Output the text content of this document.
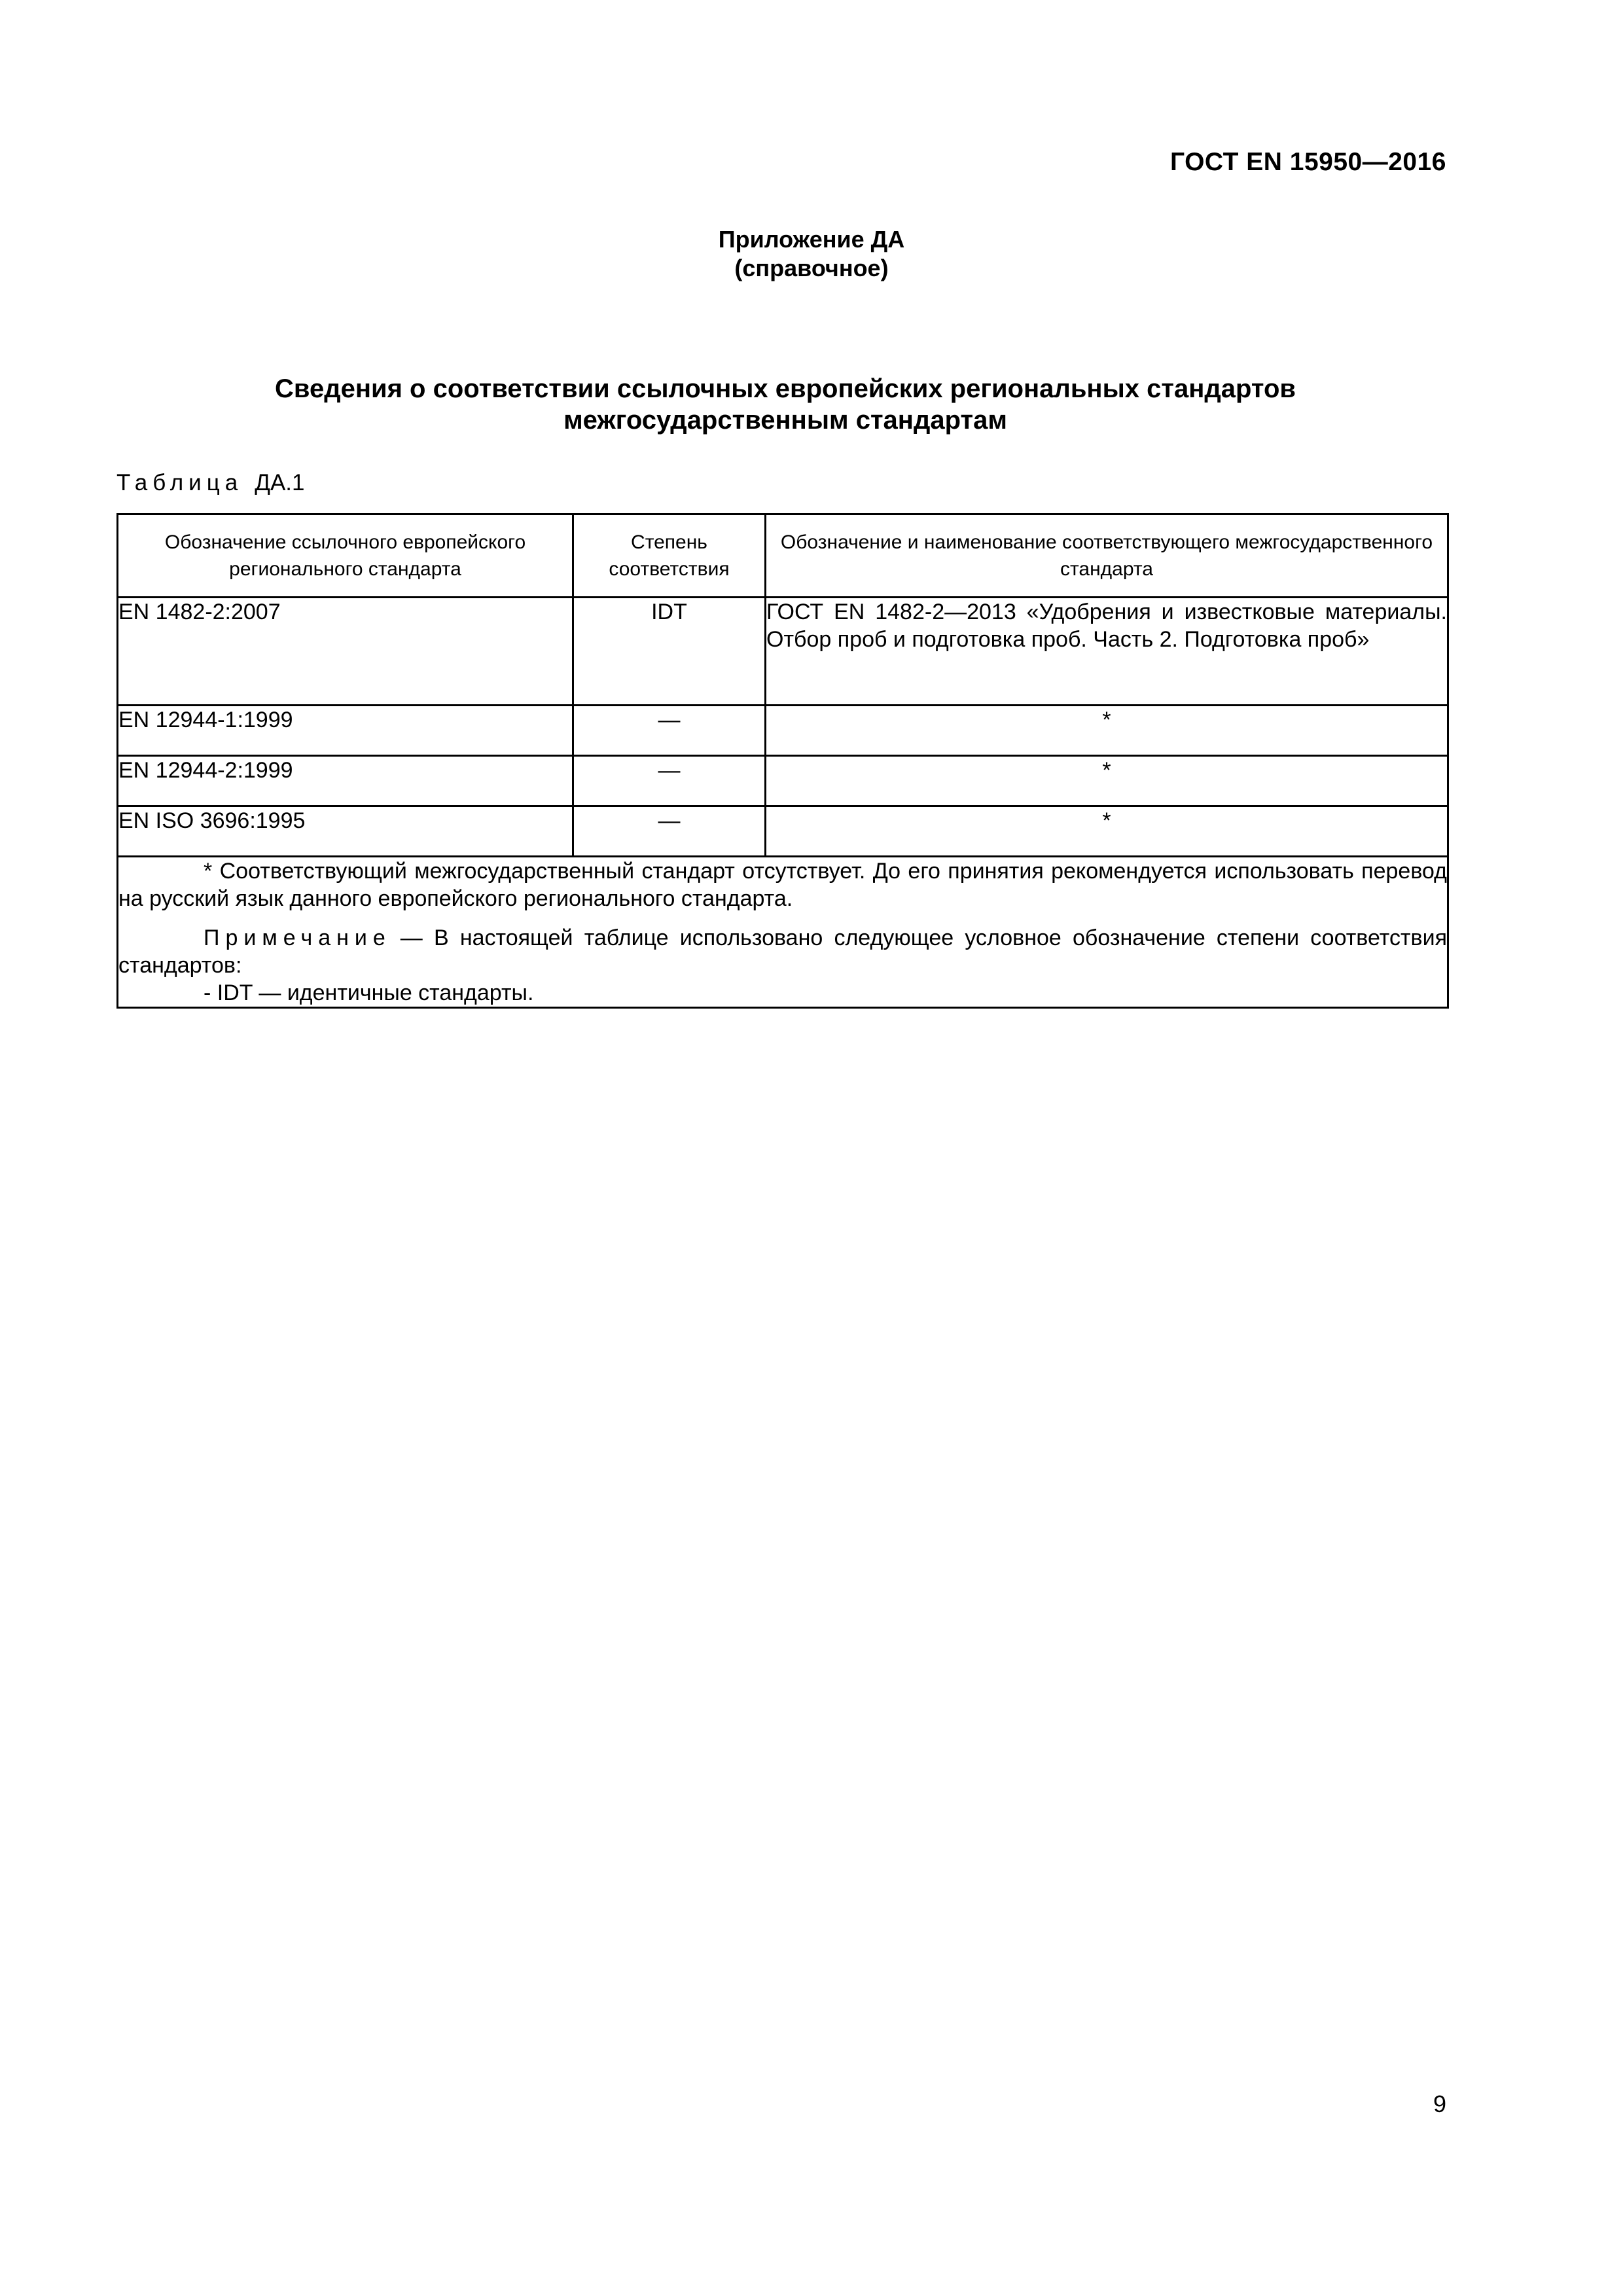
ГОСТ EN 15950—2016
Приложение ДА
(справочное)
Сведения о соответствии ссылочных европейских региональных стандартов
межгосударственным стандартам
Таблица ДА.1
Обозначение ссылочного европейского регионального стандарта	Степень соответствия	Обозначение и наименование соответствующего межгосударственного стандарта
EN 1482-2:2007	IDT	ГОСТ EN 1482-2—2013 «Удобрения и известковые материалы. Отбор проб и подготовка проб. Часть 2. Подготовка проб»
EN 12944-1:1999	—	*
EN 12944-2:1999	—	*
EN ISO 3696:1995	—	*

* Соответствующий межгосударственный стандарт отсутствует. До его принятия рекомендуется использовать перевод на русский язык данного европейского регионального стандарта.

Примечание — В настоящей таблице использовано следующее условное обозначение степени соответствия стандартов:

- IDT — идентичные стандарты.		
9
